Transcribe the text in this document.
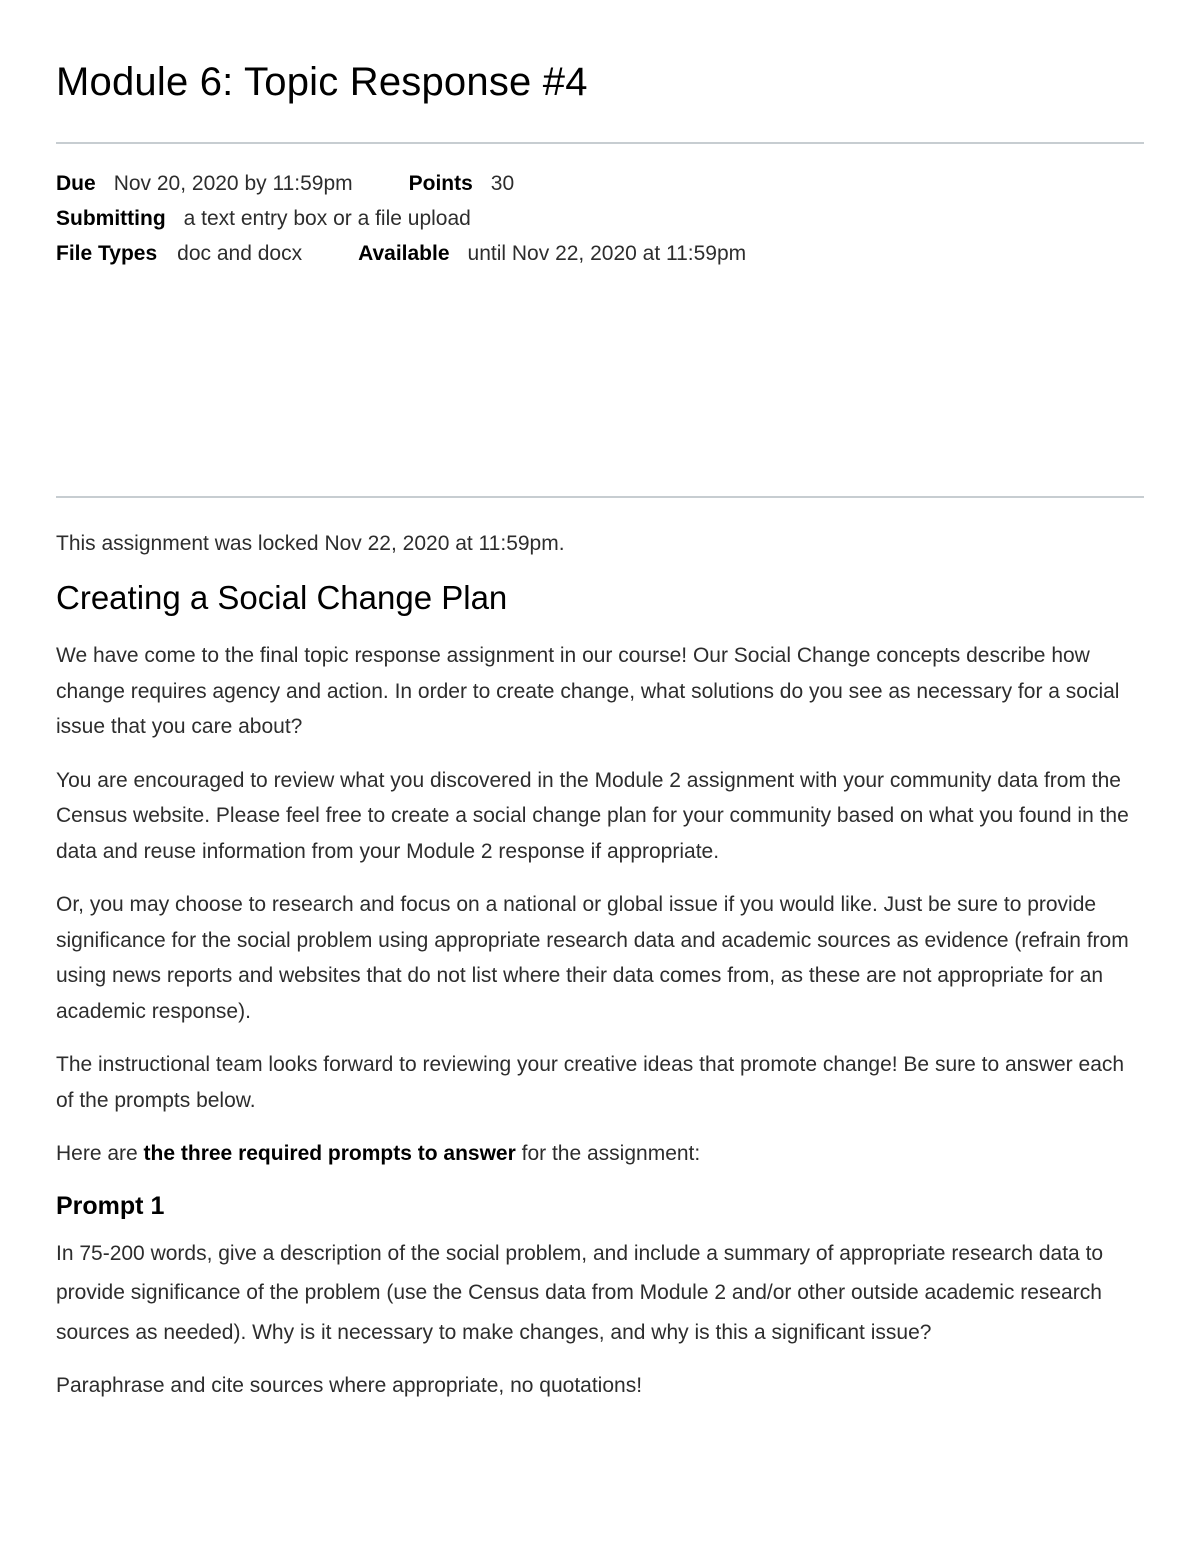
Module 6: Topic Response #4
Due Nov 20, 2020 by 11:59pm	Points 30
Submitting a text entry box or a file upload
File Types doc and docx	Available until Nov 22, 2020 at 11:59pm

This assignment was locked Nov 22, 2020 at 11:59pm.

Creating a Social Change Plan

We have come to the final topic response assignment in our course! Our Social Change concepts describe how change requires agency and action. In order to create change, what solutions do you see as necessary for a social issue that you care about?

You are encouraged to review what you discovered in the Module 2 assignment with your community data from the Census website. Please feel free to create a social change plan for your community based on what you found in the data and reuse information from your Module 2 response if appropriate.

Or, you may choose to research and focus on a national or global issue if you would like. Just be sure to provide significance for the social problem using appropriate research data and academic sources as evidence (refrain from using news reports and websites that do not list where their data comes from, as these are not appropriate for an academic response).

The instructional team looks forward to reviewing your creative ideas that promote change! Be sure to answer each of the prompts below.

Here are the three required prompts to answer for the assignment:

Prompt 1

In 75-200 words, give a description of the social problem, and include a summary of appropriate research data to provide significance of the problem (use the Census data from Module 2 and/or other outside academic research sources as needed). Why is it necessary to make changes, and why is this a significant issue?

Paraphrase and cite sources where appropriate, no quotations!
